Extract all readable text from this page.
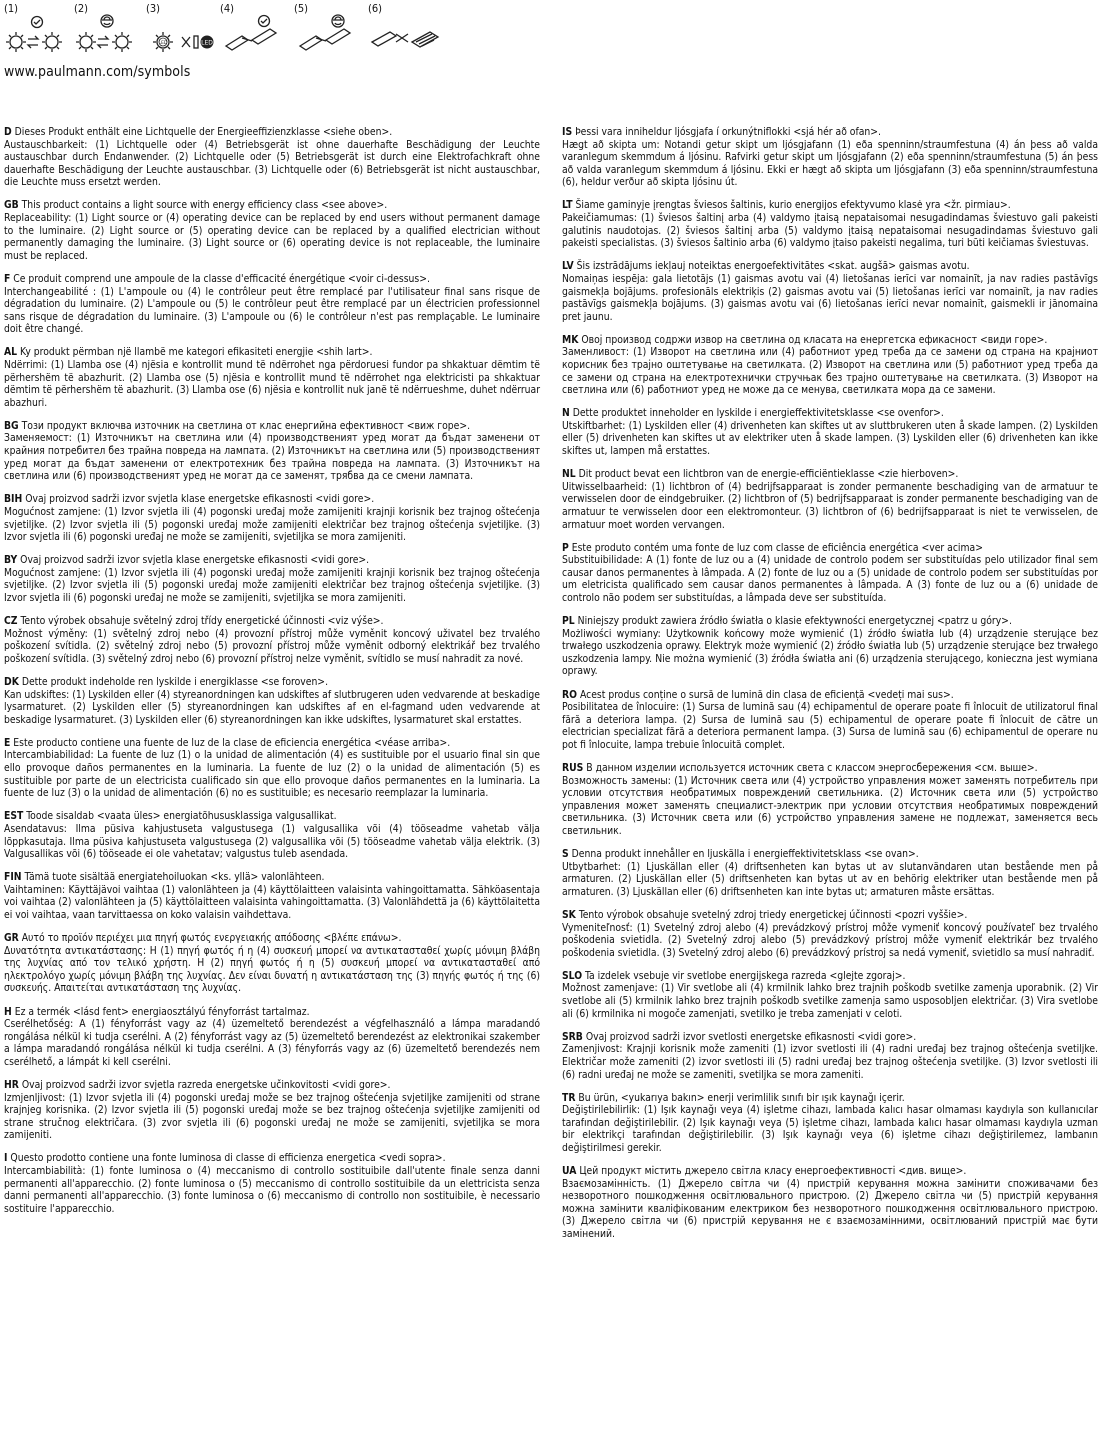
(1)	(2)	(3)
LED
LED
(4)	(5)	(6)
www.paulmann.com/symbols

D Dieses Produkt enthält eine Lichtquelle der Energieeffizienzklasse <siehe oben>.
Austauschbarkeit: (1) Lichtquelle oder (4) Betriebsgerät ist ohne dauerhafte Beschädigung der Leuchte austauschbar durch Endanwender. (2) Lichtquelle oder (5) Betriebsgerät ist durch eine Elektrofachkraft ohne dauerhafte Beschädigung der Leuchte austauschbar. (3) Lichtquelle oder (6) Betriebsgerät ist nicht austauschbar, die Leuchte muss ersetzt werden.

GB This product contains a light source with energy efficiency class <see above>.
Replaceability: (1) Light source or (4) operating device can be replaced by end users without permanent damage to the luminaire. (2) Light source or (5) operating device can be replaced by a qualified electrician without permanently damaging the luminaire. (3) Light source or (6) operating device is not replaceable, the luminaire must be replaced.

F Ce produit comprend une ampoule de la classe d'efficacité énergétique <voir ci-dessus>.
Interchangeabilité : (1) L'ampoule ou (4) le contrôleur peut être remplacé par l'utilisateur final sans risque de dégradation du luminaire. (2) L'ampoule ou (5) le contrôleur peut être remplacé par un électricien professionnel sans risque de dégradation du luminaire. (3) L'ampoule ou (6) le contrôleur n'est pas remplaçable. Le luminaire doit être changé.

AL Ky produkt përmban një llambë me kategori efikasiteti energjie <shih lart>.
Ndërrimi: (1) Llamba ose (4) njësia e kontrollit mund të ndërrohet nga përdoruesi fundor pa shkaktuar dëmtim të përhershëm të abazhurit. (2) Llamba ose (5) njësia e kontrollit mund të ndërrohet nga elektricisti pa shkaktuar dëmtim të përhershëm të abazhurit. (3) Llamba ose (6) njësia e kontrollit nuk janë të ndërrueshme, duhet ndërruar abazhuri.

BG Този продукт включва източник на светлина от клас енергийна ефективност <виж горе>.
Заменяемост: (1) Източникът на светлина или (4) производственият уред могат да бъдат заменени от крайния потребител без трайна повреда на лампата. (2) Източникът на светлина или (5) производственият уред могат да бъдат заменени от електротехник без трайна повреда на лампата. (3) Източникът на светлина или (6) производственият уред не могат да се заменят, трябва да се смени лампата.

BIH Ovaj proizvod sadrži izvor svjetla klase energetske efikasnosti <vidi gore>.
Mogućnost zamjene: (1) Izvor svjetla ili (4) pogonski uređaj može zamijeniti krajnji korisnik bez trajnog oštećenja svjetiljke. (2) Izvor svjetla ili (5) pogonski uređaj može zamijeniti električar bez trajnog oštećenja svjetiljke. (3) Izvor svjetla ili (6) pogonski uređaj ne može se zamijeniti, svjetiljka se mora zamijeniti.

BY Ovaj proizvod sadrži izvor svjetla klase energetske efikasnosti <vidi gore>.
Mogućnost zamjene: (1) Izvor svjetla ili (4) pogonski uređaj može zamijeniti krajnji korisnik bez trajnog oštećenja svjetiljke. (2) Izvor svjetla ili (5) pogonski uređaj može zamijeniti električar bez trajnog oštećenja svjetiljke. (3) Izvor svjetla ili (6) pogonski uređaj ne može se zamijeniti, svjetiljka se mora zamijeniti.

CZ Tento výrobek obsahuje světelný zdroj třídy energetické účinnosti <viz výše>.
Možnost výměny: (1) světelný zdroj nebo (4) provozní přístroj může vyměnit koncový uživatel bez trvalého poškození svítidla. (2) světelný zdroj nebo (5) provozní přístroj může vyměnit odborný elektrikář bez trvalého poškození svítidla. (3) světelný zdroj nebo (6) provozní přístroj nelze vyměnit, svítidlo se musí nahradit za nové.

DK Dette produkt indeholde ren lyskilde i energiklasse <se foroven>.
Kan udskiftes: (1) Lyskilden eller (4) styreanordningen kan udskiftes af slutbrugeren uden vedvarende at beskadige lysarmaturet. (2) Lyskilden eller (5) styreanordningen kan udskiftes af en el-fagmand uden vedvarende at beskadige lysarmaturet. (3) Lyskilden eller (6) styreanordningen kan ikke udskiftes, lysarmaturet skal erstattes.

E Este producto contiene una fuente de luz de la clase de eficiencia energética <véase arriba>.
Intercambiabilidad: La fuente de luz (1) o la unidad de alimentación (4) es sustituible por el usuario final sin que ello provoque daños permanentes en la luminaria. La fuente de luz (2) o la unidad de alimentación (5) es sustituible por parte de un electricista cualificado sin que ello provoque daños permanentes en la luminaria. La fuente de luz (3) o la unidad de alimentación (6) no es sustituible; es necesario reemplazar la luminaria.

EST Toode sisaldab <vaata üles> energiatõhususklassiga valgusallikat.
Asendatavus: Ilma püsiva kahjustuseta valgustusega (1) valgusallika või (4) tööseadme vahetab välja lõppkasutaja. Ilma püsiva kahjustuseta valgustusega (2) valgusallika või (5) tööseadme vahetab välja elektrik. (3) Valgusallikas või (6) tööseade ei ole vahetatav; valgustus tuleb asendada.

FIN Tämä tuote sisältää energiatehoiluokan <ks. yllä> valonlähteen.
Vaihtaminen: Käyttäjävoi vaihtaa (1) valonlähteen ja (4) käyttölaitteen valaisinta vahingoittamatta. Sähköasentaja voi vaihtaa (2) valonlähteen ja (5) käyttölaitteen valaisinta vahingoittamatta. (3) Valonlähdettä ja (6) käyttölaitetta ei voi vaihtaa, vaan tarvittaessa on koko valaisin vaihdettava.

GR Αυτό το προϊόν περιέχει μια πηγή φωτός ενεργειακής απόδοσης <βλέπε επάνω>.
Δυνατότητα αντικατάστασης: Η (1) πηγή φωτός ή η (4) συσκευή μπορεί να αντικατασταθεί χωρίς μόνιμη βλάβη της λυχνίας από τον τελικό χρήστη. Η (2) πηγή φωτός ή η (5) συσκευή μπορεί να αντικατασταθεί από ηλεκτρολόγο χωρίς μόνιμη βλάβη της λυχνίας. Δεν είναι δυνατή η αντικατάσταση της (3) πηγής φωτός ή της (6) συσκευής. Απαιτείται αντικατάσταση της λυχνίας.

H Ez a termék <lásd fent> energiaosztályú fényforrást tartalmaz.
Cserélhetőség: A (1) fényforrást vagy az (4) üzemeltető berendezést a végfelhasználó a lámpa maradandó rongálása nélkül ki tudja cserélni. A (2) fényforrást vagy az (5) üzemeltető berendezést az elektronikai szakember a lámpa maradandó rongálása nélkül ki tudja cserélni. A (3) fényforrás vagy az (6) üzemeltető berendezés nem cserélhető, a lámpát ki kell cserélni.

HR Ovaj proizvod sadrži izvor svjetla razreda energetske učinkovitosti <vidi gore>.
Izmjenljivost: (1) Izvor svjetla ili (4) pogonski uređaj može se bez trajnog oštećenja svjetiljke zamijeniti od strane krajnjeg korisnika. (2) Izvor svjetla ili (5) pogonski uređaj može se bez trajnog oštećenja svjetiljke zamijeniti od strane stručnog električara. (3) zvor svjetla ili (6) pogonski uređaj ne može se zamijeniti, svjetiljka se mora zamijeniti.

I Questo prodotto contiene una fonte luminosa di classe di efficienza energetica <vedi sopra>.
Intercambiabilità: (1) fonte luminosa o (4) meccanismo di controllo sostituibile dall'utente finale senza danni permanenti all'apparecchio. (2) fonte luminosa o (5) meccanismo di controllo sostituibile da un elettricista senza danni permanenti all'apparecchio. (3) fonte luminosa o (6) meccanismo di controllo non sostituibile, è necessario sostituire l'apparecchio.

IS Þessi vara inniheldur ljósgjafa í orkunýtniflokki <sjá hér að ofan>.
Hægt að skipta um: Notandi getur skipt um ljósgjafann (1) eða spenninn/straumfestuna (4) án þess að valda varanlegum skemmdum á ljósinu. Rafvirki getur skipt um ljósgjafann (2) eða spenninn/straumfestuna (5) án þess að valda varanlegum skemmdum á ljósinu. Ekki er hægt að skipta um ljósgjafann (3) eða spenninn/straumfestuna (6), heldur verður að skipta ljósinu út.

LT Šiame gaminyje įrengtas šviesos šaltinis, kurio energijos efektyvumo klasė yra <žr. pirmiau>.
Pakeičiamumas: (1) šviesos šaltinį arba (4) valdymo įtaisą nepataisomai nesugadindamas šviestuvo gali pakeisti galutinis naudotojas. (2) šviesos šaltinį arba (5) valdymo įtaisą nepataisomai nesugadindamas šviestuvo gali pakeisti specialistas. (3) šviesos šaltinio arba (6) valdymo įtaiso pakeisti negalima, turi būti keičiamas šviestuvas.

LV Šis izstrādājums iekļauj noteiktas energoefektivitātes <skat. augšā> gaismas avotu.
Nomaiņas iespēja: gala lietotājs (1) gaismas avotu vai (4) lietošanas ierīci var nomainīt, ja nav radies pastāvīgs gaismekļa bojājums. profesionāls elektriķis (2) gaismas avotu vai (5) lietošanas ierīci var nomainīt, ja nav radies pastāvīgs gaismekļa bojājums. (3) gaismas avotu vai (6) lietošanas ierīci nevar nomainīt, gaismekli ir jānomaina pret jaunu.

MK Овој производ содржи извор на светлина од класата на енергетска ефикасност <види горе>.
Заменливост: (1) Изворот на светлина или (4) работниот уред треба да се замени од страна на крајниот корисник без трајно оштетување на светилката. (2) Изворот на светлина или (5) работниот уред треба да се замени од страна на електротехнички стручњак без трајно оштетување на светилката. (3) Изворот на светлина или (6) работниот уред не може да се менува, светилката мора да се замени.

N Dette produktet inneholder en lyskilde i energieffektivitetsklasse <se ovenfor>.
Utskiftbarhet: (1) Lyskilden eller (4) drivenheten kan skiftes ut av sluttbrukeren uten å skade lampen. (2) Lyskilden eller (5) drivenheten kan skiftes ut av elektriker uten å skade lampen. (3) Lyskilden eller (6) drivenheten kan ikke skiftes ut, lampen må erstattes.

NL Dit product bevat een lichtbron van de energie-efficiëntieklasse <zie hierboven>.
Uitwisselbaarheid: (1) lichtbron of (4) bedrijfsapparaat is zonder permanente beschadiging van de armatuur te verwisselen door de eindgebruiker. (2) lichtbron of (5) bedrijfsapparaat is zonder permanente beschadiging van de armatuur te verwisselen door een elektromonteur. (3) lichtbron of (6) bedrijfsapparaat is niet te verwisselen, de armatuur moet worden vervangen.

P Este produto contém uma fonte de luz com classe de eficiência energética <ver acima>
Substituibilidade: A (1) fonte de luz ou a (4) unidade de controlo podem ser substituídas pelo utilizador final sem causar danos permanentes à lâmpada. A (2) fonte de luz ou a (5) unidade de controlo podem ser substituídas por um eletricista qualificado sem causar danos permanentes à lâmpada. A (3) fonte de luz ou a (6) unidade de controlo não podem ser substituídas, a lâmpada deve ser substituída.

PL Niniejszy produkt zawiera źródło światła o klasie efektywności energetycznej <patrz u góry>.
Możliwości wymiany: Użytkownik końcowy może wymienić (1) źródło światła lub (4) urządzenie sterujące bez trwałego uszkodzenia oprawy. Elektryk może wymienić (2) źródło światła lub (5) urządzenie sterujące bez trwałego uszkodzenia lampy. Nie można wymienić (3) źródła światła ani (6) urządzenia sterującego, konieczna jest wymiana oprawy.

RO Acest produs conține o sursă de lumină din clasa de eficiență <vedeți mai sus>.
Posibilitatea de înlocuire: (1) Sursa de lumină sau (4) echipamentul de operare poate fi înlocuit de utilizatorul final fără a deteriora lampa. (2) Sursa de lumină sau (5) echipamentul de operare poate fi înlocuit de către un electrician specializat fără a deteriora permanent lampa. (3) Sursa de lumină sau (6) echipamentul de operare nu pot fi înlocuite, lampa trebuie înlocuită complet.

RUS В данном изделии используется источник света с классом энергосбережения <см. выше>.
Возможность замены: (1) Источник света или (4) устройство управления может заменять потребитель при условии отсутствия необратимых повреждений светильника. (2) Источник света или (5) устройство управления может заменять специалист-электрик при условии отсутствия необратимых повреждений светильника. (3) Источник света или (6) устройство управления замене не подлежат, заменяется весь светильник.

S Denna produkt innehåller en ljuskälla i energieffektivitetsklass <se ovan>.
Utbytbarhet: (1) Ljuskällan eller (4) driftsenheten kan bytas ut av slutanvändaren utan bestående men på armaturen. (2) Ljuskällan eller (5) driftsenheten kan bytas ut av en behörig elektriker utan bestående men på armaturen. (3) Ljuskällan eller (6) driftsenheten kan inte bytas ut; armaturen måste ersättas.

SK Tento výrobok obsahuje svetelný zdroj triedy energetickej účinnosti <pozri vyššie>.
Vymeniteľnosť: (1) Svetelný zdroj alebo (4) prevádzkový prístroj môže vymeniť koncový používateľ bez trvalého poškodenia svietidla. (2) Svetelný zdroj alebo (5) prevádzkový prístroj môže vymeniť elektrikár bez trvalého poškodenia svietidla. (3) Svetelný zdroj alebo (6) prevádzkový prístroj sa nedá vymeniť, svietidlo sa musí nahradiť.

SLO Ta izdelek vsebuje vir svetlobe energijskega razreda <glejte zgoraj>.
Možnost zamenjave: (1) Vir svetlobe ali (4) krmilnik lahko brez trajnih poškodb svetilke zamenja uporabnik. (2) Vir svetlobe ali (5) krmilnik lahko brez trajnih poškodb svetilke zamenja samo usposobljen električar. (3) Vira svetlobe ali (6) krmilnika ni mogoče zamenjati, svetilko je treba zamenjati v celoti.

SRB Ovaj proizvod sadrži izvor svetlosti energetske efikasnosti <vidi gore>.
Zamenjivost: Krajnji korisnik može zameniti (1) izvor svetlosti ili (4) radni uređaj bez trajnog oštećenja svetiljke. Električar može zameniti (2) izvor svetlosti ili (5) radni uređaj bez trajnog oštećenja svetiljke. (3) Izvor svetlosti ili (6) radni uređaj ne može se zameniti, svetiljka se mora zameniti.

TR Bu ürün, <yukarıya bakın> enerji verimlilik sınıfı bir ışık kaynağı içerir.
Değiştirilebilirlik: (1) Işık kaynağı veya (4) işletme cihazı, lambada kalıcı hasar olmaması kaydıyla son kullanıcılar tarafından değiştirilebilir. (2) Işık kaynağı veya (5) işletme cihazı, lambada kalıcı hasar olmaması kaydıyla uzman bir elektrikçi tarafından değiştirilebilir. (3) Işık kaynağı veya (6) işletme cihazı değiştirilemez, lambanın değiştirilmesi gerekir.

UA Цей продукт містить джерело світла класу енергоефективності <див. вище>.
Взаємозамінність. (1) Джерело світла чи (4) пристрій керування можна замінити споживачами без незворотного пошкодження освітлювального пристрою. (2) Джерело світла чи (5) пристрій керування можна замінити кваліфікованим електриком без незворотного пошкодження освітлювального пристрою. (3) Джерело світла чи (6) пристрій керування не є взаємозамінними, освітлюваний пристрій має бути замінений.
